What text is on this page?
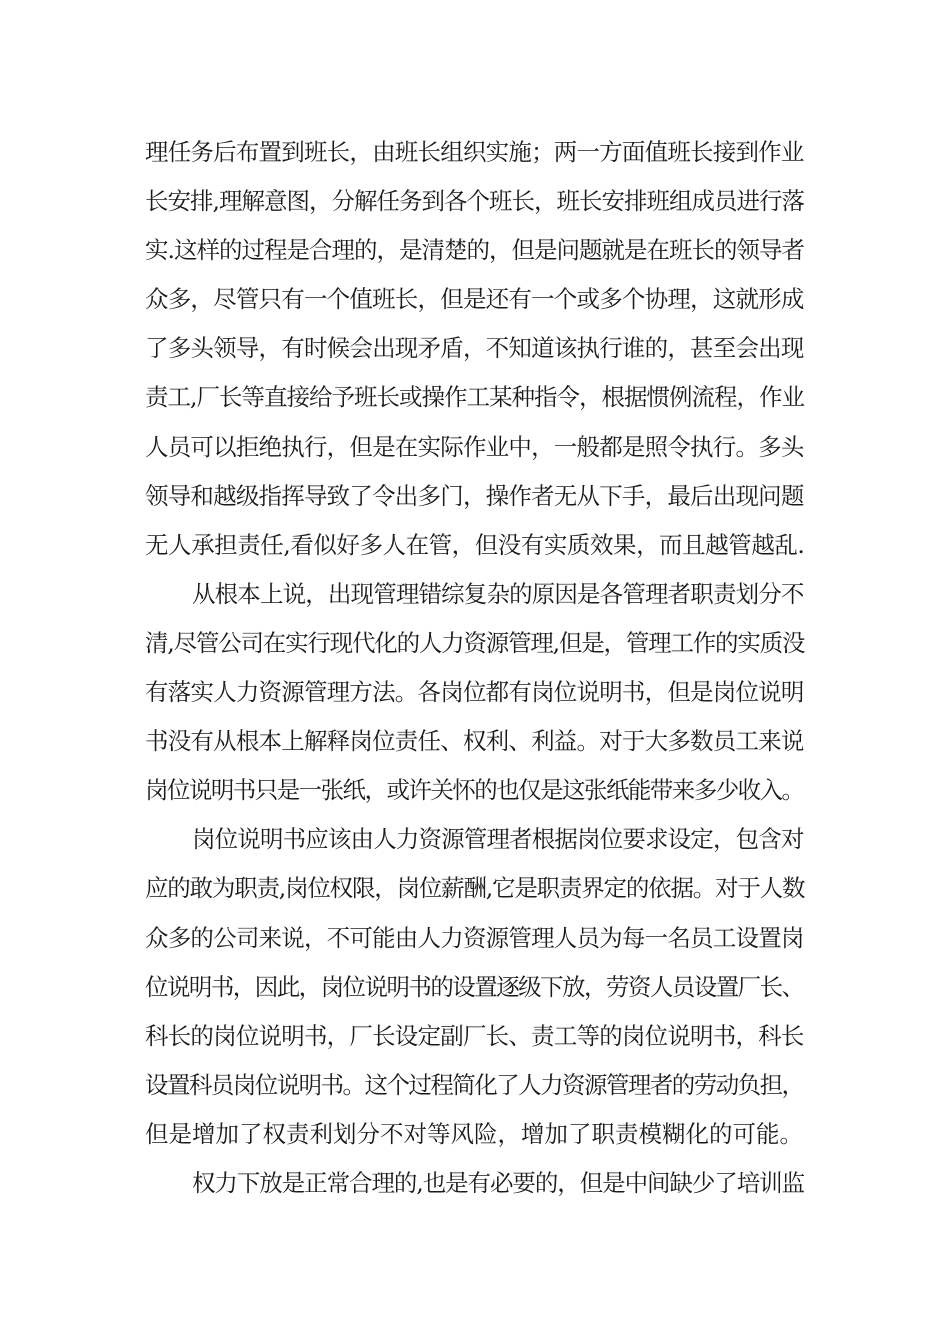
理任务后布置到班长，由班长组织实施；两一方面值班长接到作业
长安排,理解意图，分解任务到各个班长，班长安排班组成员进行落
实.这样的过程是合理的，是清楚的，但是问题就是在班长的领导者
众多，尽管只有一个值班长，但是还有一个或多个协理，这就形成
了多头领导，有时候会出现矛盾，不知道该执行谁的，甚至会出现
责工,厂长等直接给予班长或操作工某种指令，根据惯例流程，作业
人员可以拒绝执行，但是在实际作业中，一般都是照令执行。多头
领导和越级指挥导致了令出多门，操作者无从下手，最后出现问题
无人承担责任,看似好多人在管，但没有实质效果，而且越管越乱.
从根本上说，出现管理错综复杂的原因是各管理者职责划分不
清,尽管公司在实行现代化的人力资源管理,但是，管理工作的实质没
有落实人力资源管理方法。各岗位都有岗位说明书，但是岗位说明
书没有从根本上解释岗位责任、权利、利益。对于大多数员工来说
岗位说明书只是一张纸，或许关怀的也仅是这张纸能带来多少收入。
岗位说明书应该由人力资源管理者根据岗位要求设定，包含对
应的敢为职责,岗位权限，岗位薪酬,它是职责界定的依据。对于人数
众多的公司来说，不可能由人力资源管理人员为每一名员工设置岗
位说明书，因此，岗位说明书的设置逐级下放，劳资人员设置厂长、
科长的岗位说明书，厂长设定副厂长、责工等的岗位说明书，科长
设置科员岗位说明书。这个过程简化了人力资源管理者的劳动负担，
但是增加了权责利划分不对等风险，增加了职责模糊化的可能。
权力下放是正常合理的,也是有必要的，但是中间缺少了培训监
